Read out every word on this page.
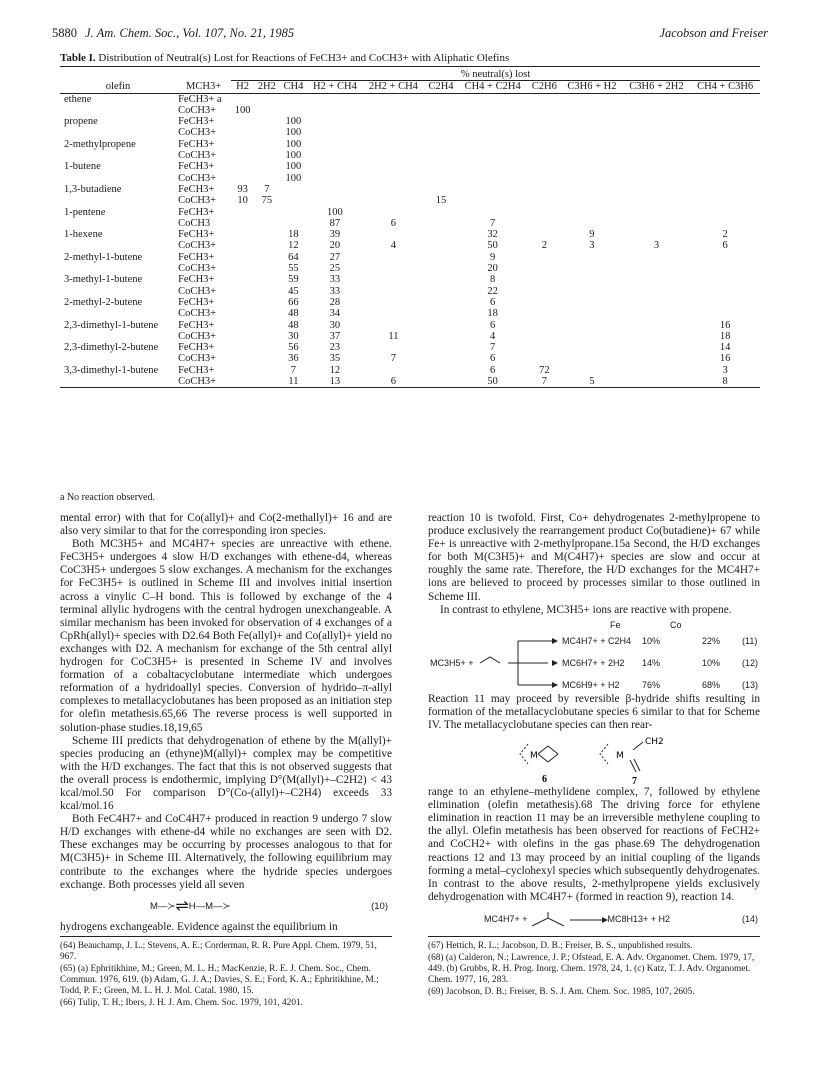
5880 J. Am. Chem. Soc., Vol. 107, No. 21, 1985	Jacobson and Freiser
Table I. Distribution of Neutral(s) Lost for Reactions of FeCH3+ and CoCH3+ with Aliphatic Olefins
		% neutral(s) lost										
olefin	MCH3+	H2	2H2	CH4	H2 + CH4	2H2 + CH4	C2H4	CH4 + C2H4	C2H6	C3H6 + H2	C3H6 + 2H2	CH4 + C3H6
ethene	FeCH3+ a											
	CoCH3+	100										
propene	FeCH3+			100								
	CoCH3+			100								
2-methylpropene	FeCH3+			100								
	CoCH3+			100								
1-butene	FeCH3+			100								
	CoCH3+			100								
1,3-butadiene	FeCH3+	93	7									
	CoCH3+	10	75				15					
1-pentene	FeCH3+				100							
	CoCH3				87	6		7				
1-hexene	FeCH3+			18	39			32		9		2
	CoCH3+			12	20	4		50	2	3	3	6
2-methyl-1-butene	FeCH3+			64	27			9				
	CoCH3+			55	25			20				
3-methyl-1-butene	FeCH3+			59	33			8				
	CoCH3+			45	33			22				
2-methyl-2-butene	FeCH3+			66	28			6				
	CoCH3+			48	34			18				
2,3-dimethyl-1-butene	FeCH3+			48	30			6				16
	CoCH3+			30	37	11		4				18
2,3-dimethyl-2-butene	FeCH3+			56	23			7				14
	CoCH3+			36	35	7		6				16
3,3-dimethyl-1-butene	FeCH3+			7	12			6	72			3
	CoCH3+			11	13	6		50	7	5		8
a No reaction observed.

mental error) with that for Co(allyl)+ and Co(2-methallyl)+ 16 and are also very similar to that for the corresponding iron species.

Both MC3H5+ and MC4H7+ species are unreactive with ethene. FeC3H5+ undergoes 4 slow H/D exchanges with ethene-d4, whereas CoC3H5+ undergoes 5 slow exchanges. A mechanism for the exchanges for FeC3H5+ is outlined in Scheme III and involves initial insertion across a vinylic C–H bond. This is followed by exchange of the 4 terminal allylic hydrogens with the central hydrogen unexchangeable. A similar mechanism has been invoked for observation of 4 exchanges of a CpRh(allyl)+ species with D2.64 Both Fe(allyl)+ and Co(allyl)+ yield no exchanges with D2. A mechanism for exchange of the 5th central allyl hydrogen for CoC3H5+ is presented in Scheme IV and involves formation of a cobaltacyclobutane intermediate which undergoes reformation of a hydridoallyl species. Conversion of hydrido–π-allyl complexes to metallacyclobutanes has been proposed as an initiation step for olefin metathesis.65,66 The reverse process is well supported in solution-phase studies.18,19,65

Scheme III predicts that dehydrogenation of ethene by the M(allyl)+ species producing an (ethyne)M(allyl)+ complex may be competitive with the H/D exchanges. The fact that this is not observed suggests that the overall process is endothermic, implying D°(M(allyl)+–C2H2) < 43 kcal/mol.50 For comparison D°(Co-(allyl)+–C2H4) exceeds 33 kcal/mol.16

Both FeC4H7+ and CoC4H7+ produced in reaction 9 undergo 7 slow H/D exchanges with ethene-d4 while no exchanges are seen with D2. These exchanges may be occurring by processes analogous to that for M(C3H5)+ in Scheme III. Alternatively, the following equilibrium may contribute to the exchanges where the hydride species undergoes exchange. Both processes yield all seven

M—≻ ⇌ H—M—≻	(10)

hydrogens exchangeable. Evidence against the equilibrium in

reaction 10 is twofold. First, Co+ dehydrogenates 2-methylpropene to produce exclusively the rearrangement product Co(butadiene)+ 67 while Fe+ is unreactive with 2-methylpropane.15a Second, the H/D exchanges for both M(C3H5)+ and M(C4H7)+ species are slow and occur at roughly the same rate. Therefore, the H/D exchanges for the MC4H7+ ions are believed to proceed by processes similar to those outlined in Scheme III.

In contrast to ethylene, MC3H5+ ions are reactive with propene.

Fe	Co
MC3H5+ +
MC4H7+ + C2H4	10%	22%	(11)
MC6H7+ + 2H2	14%	10%	(12)
MC6H9+ + H2	76%	68%	(13)

Reaction 11 may proceed by reversible β-hydride shifts resulting in formation of the metallacyclobutane species 6 similar to that for Scheme IV. The metallacyclobutane species can then rear-

M	M
CH2
6	7

range to an ethylene–methylidene complex, 7, followed by ethylene elimination (olefin metathesis).68 The driving force for ethylene elimination in reaction 11 may be an irreversible methylene coupling to the allyl. Olefin metathesis has been observed for reactions of FeCH2+ and CoCH2+ with olefins in the gas phase.69 The dehydrogenation reactions 12 and 13 may proceed by an initial coupling of the ligands forming a metal–cyclohexyl species which subsequently dehydrogenates. In contrast to the above results, 2-methylpropene yields exclusively dehydrogenation with MC4H7+ (formed in reaction 9), reaction 14.

MC4H7+ +	MC8H13+ + H2	(14)

(64) Beauchamp, J. L.; Stevens, A. E.; Corderman, R. R. Pure Appl. Chem. 1979, 51, 967.

(65) (a) Ephritikhine, M.; Green, M. L. H.; MacKenzie, R. E. J. Chem. Soc., Chem. Commun. 1976, 619. (b) Adam, G. J. A.; Davies, S. E.; Ford, K. A.; Ephritikhine, M.; Todd, P. F.; Green, M. L. H. J. Mol. Catal. 1980, 15.

(66) Tulip, T. H.; Ibers, J. H. J. Am. Chem. Soc. 1979, 101, 4201.

(67) Hettich, R. L.; Jacobson, D. B.; Freiser, B. S., unpublished results.

(68) (a) Calderon, N.; Lawrence, J. P.; Ofstead, E. A. Adv. Organomet. Chem. 1979, 17, 449. (b) Grubbs, R. H. Prog. Inorg. Chem. 1978, 24, 1. (c) Katz, T. J. Adv. Organomet. Chem. 1977, 16, 283.

(69) Jacobson, D. B.; Freiser, B. S. J. Am. Chem. Soc. 1985, 107, 2605.
